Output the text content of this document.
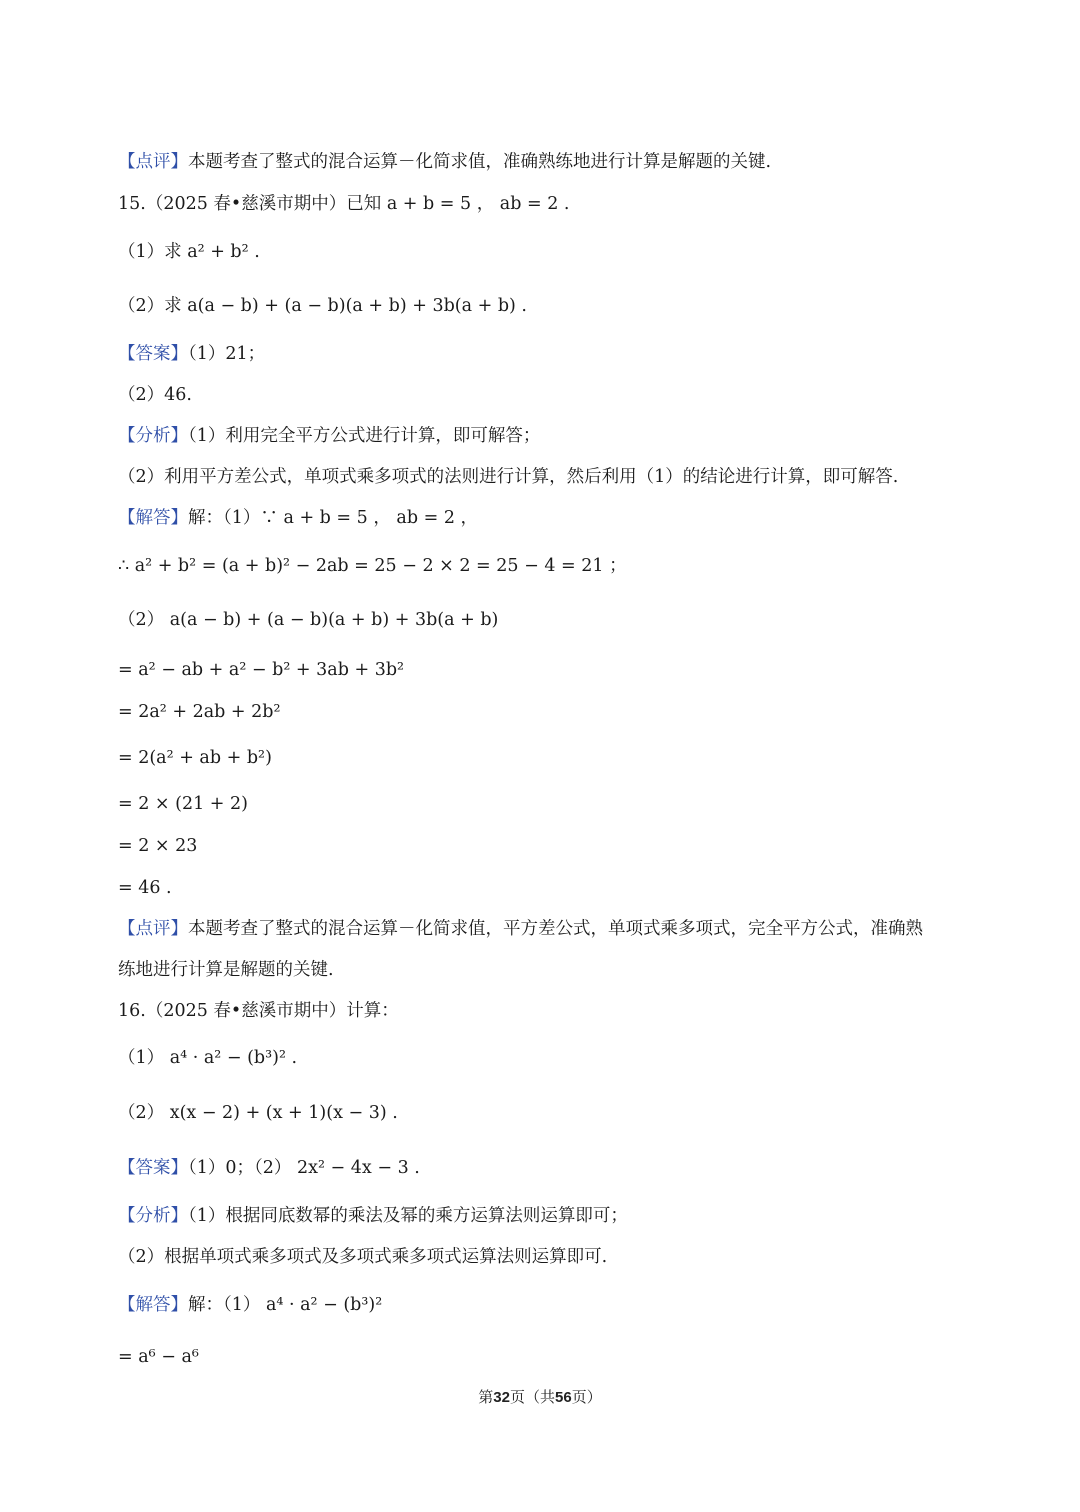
【点评】本题考查了整式的混合运算－化简求值，准确熟练地进行计算是解题的关键.
15.（2025 春•慈溪市期中）已知 a + b = 5 ， ab = 2 .
（1）求 a² + b² .
（2）求 a(a − b) + (a − b)(a + b) + 3b(a + b) .
【答案】（1）21；
（2）46.
【分析】（1）利用完全平方公式进行计算，即可解答；
（2）利用平方差公式，单项式乘多项式的法则进行计算，然后利用（1）的结论进行计算，即可解答.
【解答】解：（1）∵ a + b = 5 ， ab = 2 ，
∴ a² + b² = (a + b)² − 2ab = 25 − 2 × 2 = 25 − 4 = 21 ；
（2） a(a − b) + (a − b)(a + b) + 3b(a + b)
= a² − ab + a² − b² + 3ab + 3b²
= 2a² + 2ab + 2b²
= 2(a² + ab + b²)
= 2 × (21 + 2)
= 2 × 23
= 46 .
【点评】本题考查了整式的混合运算－化简求值，平方差公式，单项式乘多项式，完全平方公式，准确熟
练地进行计算是解题的关键.
16.（2025 春•慈溪市期中）计算：
（1） a⁴ · a² − (b³)² .
（2） x(x − 2) + (x + 1)(x − 3) .
【答案】（1）0；（2） 2x² − 4x − 3 .
【分析】（1）根据同底数幂的乘法及幂的乘方运算法则运算即可；
（2）根据单项式乘多项式及多项式乘多项式运算法则运算即可.
【解答】解：（1） a⁴ · a² − (b³)²
= a⁶ − a⁶
第32页（共56页）
